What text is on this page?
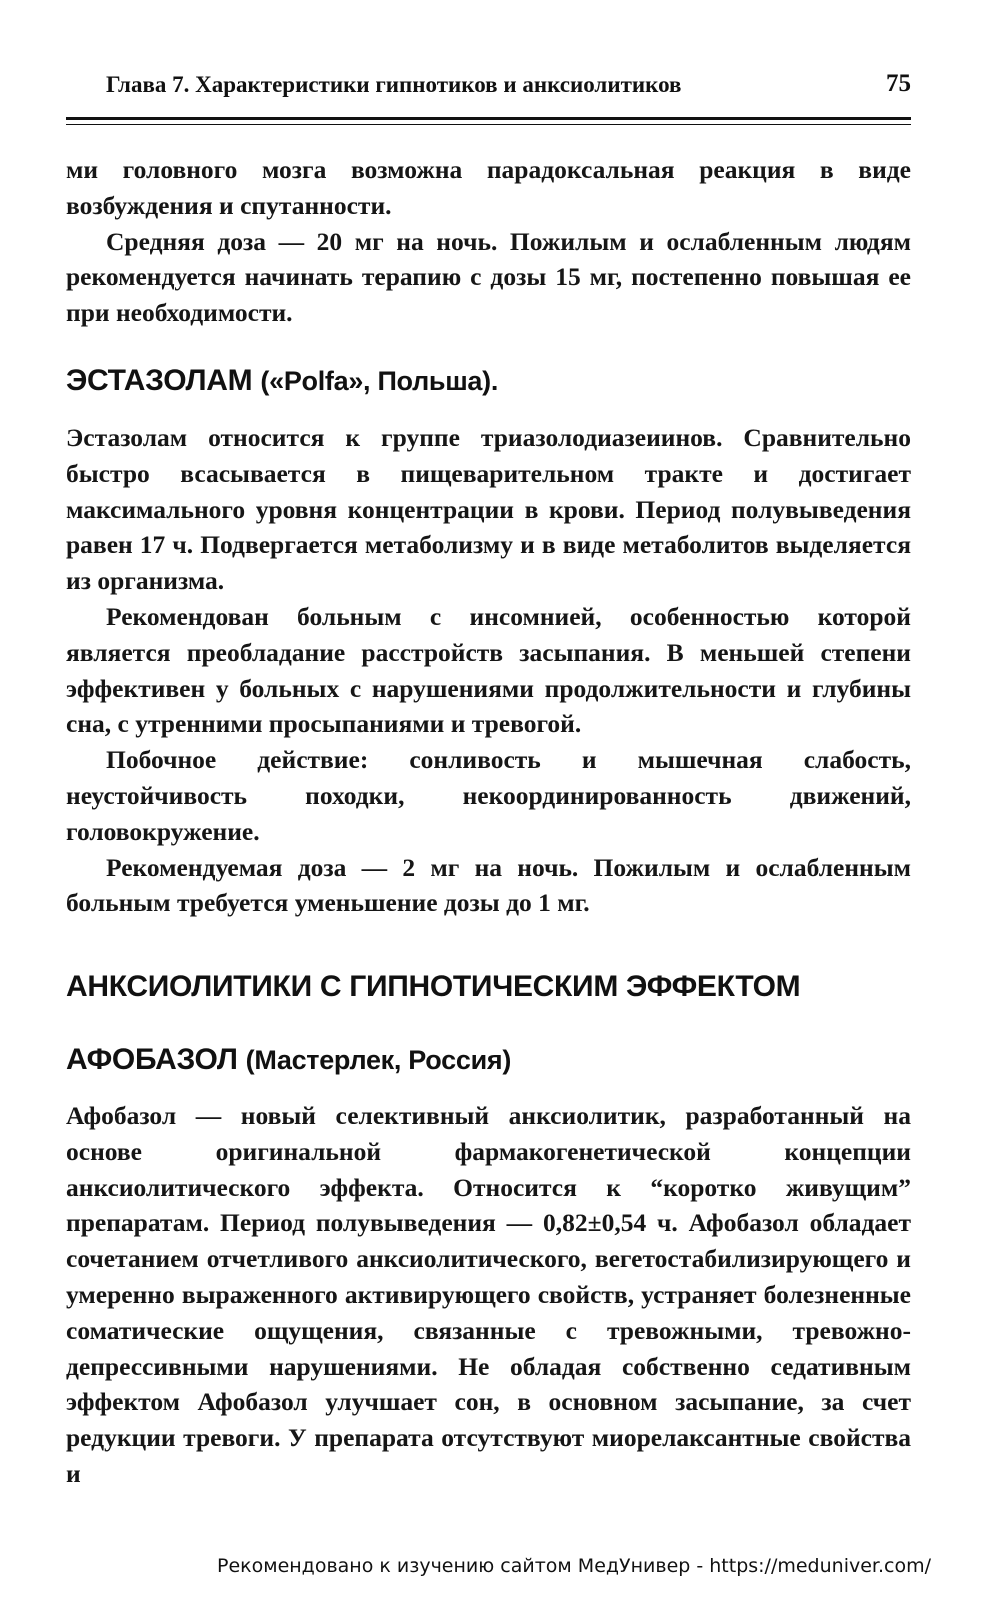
Глава 7. Характеристики гипнотиков и анксиолитиков	75

ми головного мозга возможна парадоксальная реакция в виде возбуждения и спутанности.

Средняя доза — 20 мг на ночь. Пожилым и ослабленным людям рекомендуется начинать терапию с дозы 15 мг, постепенно повышая ее при необходимости.

ЭСТАЗОЛАМ («Polfa», Польша).

Эстазолам относится к группе триазолодиазеиинов. Сравнительно быстро всасывается в пищеварительном тракте и достигает максимального уровня концентрации в крови. Период полувыведения равен 17 ч. Подвергается метаболизму и в виде метаболитов выделяется из организма.

Рекомендован больным с инсомнией, особенностью которой является преобладание расстройств засыпания. В меньшей степени эффективен у больных с нарушениями продолжительности и глубины сна, с утренними просыпаниями и тревогой.

Побочное действие: сонливость и мышечная слабость, неустойчивость походки, некоординированность движений, головокружение.

Рекомендуемая доза — 2 мг на ночь. Пожилым и ослабленным больным требуется уменьшение дозы до 1 мг.

АНКСИОЛИТИКИ С ГИПНОТИЧЕСКИМ ЭФФЕКТОМ
АФОБАЗОЛ (Мастерлек, Россия)

Афобазол — новый селективный анксиолитик, разработанный на основе оригинальной фармакогенетической концепции анксиолитического эффекта. Относится к “коротко живущим” препаратам. Период полувыведения — 0,82±0,54 ч. Афобазол обладает сочетанием отчетливого анксиолитического, вегетостабилизирующего и умеренно выраженного активирующего свойств, устраняет болезненные соматические ощущения, связанные с тревожными, тревожно-депрессивными нарушениями. Не обладая собственно седативным эффектом Афобазол улучшает сон, в основном засыпание, за счет редукции тревоги. У препарата отсутствуют миорелаксантные свойства и

Рекомендовано к изучению сайтом МедУнивер - https://meduniver.com/
